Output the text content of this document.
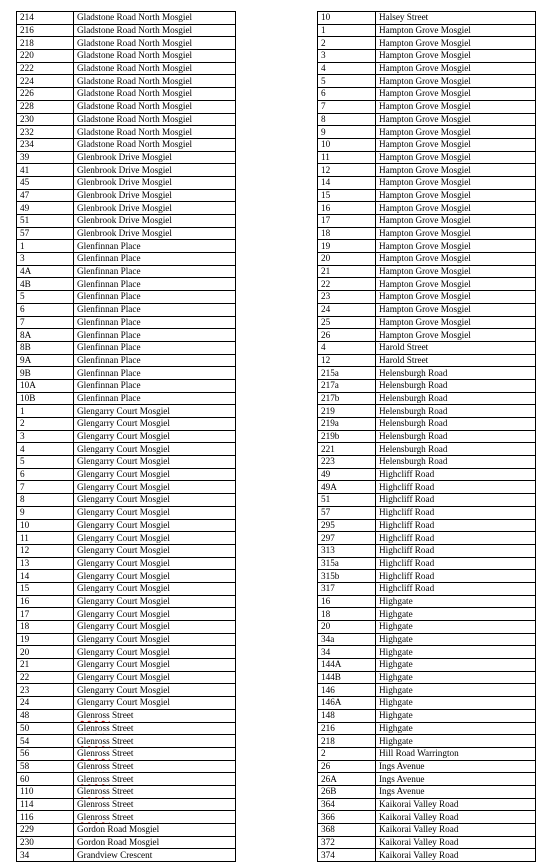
214	Gladstone Road North Mosgiel
216	Gladstone Road North Mosgiel
218	Gladstone Road North Mosgiel
220	Gladstone Road North Mosgiel
222	Gladstone Road North Mosgiel
224	Gladstone Road North Mosgiel
226	Gladstone Road North Mosgiel
228	Gladstone Road North Mosgiel
230	Gladstone Road North Mosgiel
232	Gladstone Road North Mosgiel
234	Gladstone Road North Mosgiel
39	Glenbrook Drive Mosgiel
41	Glenbrook Drive Mosgiel
45	Glenbrook Drive Mosgiel
47	Glenbrook Drive Mosgiel
49	Glenbrook Drive Mosgiel
51	Glenbrook Drive Mosgiel
57	Glenbrook Drive Mosgiel
1	Glenfinnan Place
3	Glenfinnan Place
4A	Glenfinnan Place
4B	Glenfinnan Place
5	Glenfinnan Place
6	Glenfinnan Place
7	Glenfinnan Place
8A	Glenfinnan Place
8B	Glenfinnan Place
9A	Glenfinnan Place
9B	Glenfinnan Place
10A	Glenfinnan Place
10B	Glenfinnan Place
1	Glengarry Court Mosgiel
2	Glengarry Court Mosgiel
3	Glengarry Court Mosgiel
4	Glengarry Court Mosgiel
5	Glengarry Court Mosgiel
6	Glengarry Court Mosgiel
7	Glengarry Court Mosgiel
8	Glengarry Court Mosgiel
9	Glengarry Court Mosgiel
10	Glengarry Court Mosgiel
11	Glengarry Court Mosgiel
12	Glengarry Court Mosgiel
13	Glengarry Court Mosgiel
14	Glengarry Court Mosgiel
15	Glengarry Court Mosgiel
16	Glengarry Court Mosgiel
17	Glengarry Court Mosgiel
18	Glengarry Court Mosgiel
19	Glengarry Court Mosgiel
20	Glengarry Court Mosgiel
21	Glengarry Court Mosgiel
22	Glengarry Court Mosgiel
23	Glengarry Court Mosgiel
24	Glengarry Court Mosgiel
48	Glenross Street
50	Glenross Street
54	Glenross Street
56	Glenross Street
58	Glenross Street
60	Glenross Street
110	Glenross Street
114	Glenross Street
116	Glenross Street
229	Gordon Road Mosgiel
230	Gordon Road Mosgiel
34	Grandview Crescent
10	Halsey Street
1	Hampton Grove Mosgiel
2	Hampton Grove Mosgiel
3	Hampton Grove Mosgiel
4	Hampton Grove Mosgiel
5	Hampton Grove Mosgiel
6	Hampton Grove Mosgiel
7	Hampton Grove Mosgiel
8	Hampton Grove Mosgiel
9	Hampton Grove Mosgiel
10	Hampton Grove Mosgiel
11	Hampton Grove Mosgiel
12	Hampton Grove Mosgiel
14	Hampton Grove Mosgiel
15	Hampton Grove Mosgiel
16	Hampton Grove Mosgiel
17	Hampton Grove Mosgiel
18	Hampton Grove Mosgiel
19	Hampton Grove Mosgiel
20	Hampton Grove Mosgiel
21	Hampton Grove Mosgiel
22	Hampton Grove Mosgiel
23	Hampton Grove Mosgiel
24	Hampton Grove Mosgiel
25	Hampton Grove Mosgiel
26	Hampton Grove Mosgiel
4	Harold Street
12	Harold Street
215a	Helensburgh Road
217a	Helensburgh Road
217b	Helensburgh Road
219	Helensburgh Road
219a	Helensburgh Road
219b	Helensburgh Road
221	Helensburgh Road
223	Helensburgh Road
49	Highcliff Road
49A	Highcliff Road
51	Highcliff Road
57	Highcliff Road
295	Highcliff Road
297	Highcliff Road
313	Highcliff Road
315a	Highcliff Road
315b	Highcliff Road
317	Highcliff Road
16	Highgate
18	Highgate
20	Highgate
34a	Highgate
34	Highgate
144A	Highgate
144B	Highgate
146	Highgate
146A	Highgate
148	Highgate
216	Highgate
218	Highgate
2	Hill Road Warrington
26	Ings Avenue
26A	Ings Avenue
26B	Ings Avenue
364	Kaikorai Valley Road
366	Kaikorai Valley Road
368	Kaikorai Valley Road
372	Kaikorai Valley Road
374	Kaikorai Valley Road
